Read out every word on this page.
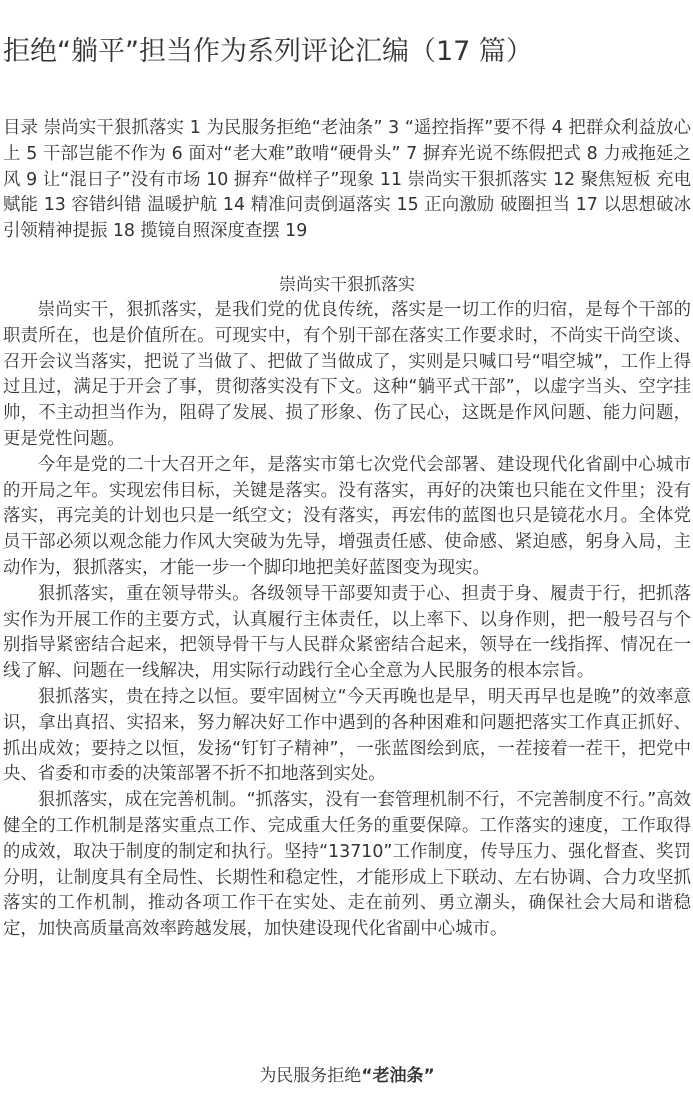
拒绝“躺平”担当作为系列评论汇编（17 篇）

目录 崇尚实干狠抓落实 1 为民服务拒绝“老油条” 3 “遥控指挥”要不得 4 把群众利益放心上 5 干部岂能不作为 6 面对“老大难”敢啃“硬骨头” 7 摒弃光说不练假把式 8 力戒拖延之风 9 让“混日子”没有市场 10 摒弃“做样子”现象 11 崇尚实干狠抓落实 12 聚焦短板 充电赋能 13 容错纠错 温暖护航 14 精准问责倒逼落实 15 正向激励 破圈担当 17 以思想破冰引领精神提振 18 揽镜自照深度查摆 19

崇尚实干狠抓落实

崇尚实干，狠抓落实，是我们党的优良传统，落实是一切工作的归宿，是每个干部的职责所在，也是价值所在。可现实中，有个别干部在落实工作要求时，不尚实干尚空谈、召开会议当落实，把说了当做了、把做了当做成了，实则是只喊口号“唱空城”，工作上得过且过，满足于开会了事，贯彻落实没有下文。这种“躺平式干部”，以虚字当头、空字挂帅，不主动担当作为，阻碍了发展、损了形象、伤了民心，这既是作风问题、能力问题，更是党性问题。

今年是党的二十大召开之年，是落实市第七次党代会部署、建设现代化省副中心城市的开局之年。实现宏伟目标，关键是落实。没有落实，再好的决策也只能在文件里；没有落实，再完美的计划也只是一纸空文；没有落实，再宏伟的蓝图也只是镜花水月。全体党员干部必须以观念能力作风大突破为先导，增强责任感、使命感、紧迫感，躬身入局，主动作为，狠抓落实，才能一步一个脚印地把美好蓝图变为现实。

狠抓落实，重在领导带头。各级领导干部要知责于心、担责于身、履责于行，把抓落实作为开展工作的主要方式，认真履行主体责任，以上率下、以身作则，把一般号召与个别指导紧密结合起来，把领导骨干与人民群众紧密结合起来，领导在一线指挥、情况在一线了解、问题在一线解决，用实际行动践行全心全意为人民服务的根本宗旨。

狠抓落实，贵在持之以恒。要牢固树立“今天再晚也是早，明天再早也是晚”的效率意识，拿出真招、实招来，努力解决好工作中遇到的各种困难和问题把落实工作真正抓好、抓出成效；要持之以恒，发扬“钉钉子精神”，一张蓝图绘到底，一茬接着一茬干，把党中央、省委和市委的决策部署不折不扣地落到实处。

狠抓落实，成在完善机制。“抓落实，没有一套管理机制不行，不完善制度不行。”高效健全的工作机制是落实重点工作、完成重大任务的重要保障。工作落实的速度，工作取得的成效，取决于制度的制定和执行。坚持“13710”工作制度，传导压力、强化督查、奖罚分明，让制度具有全局性、长期性和稳定性，才能形成上下联动、左右协调、合力攻坚抓落实的工作机制，推动各项工作干在实处、走在前列、勇立潮头，确保社会大局和谐稳定，加快高质量高效率跨越发展，加快建设现代化省副中心城市。

为民服务拒绝“老油条”
